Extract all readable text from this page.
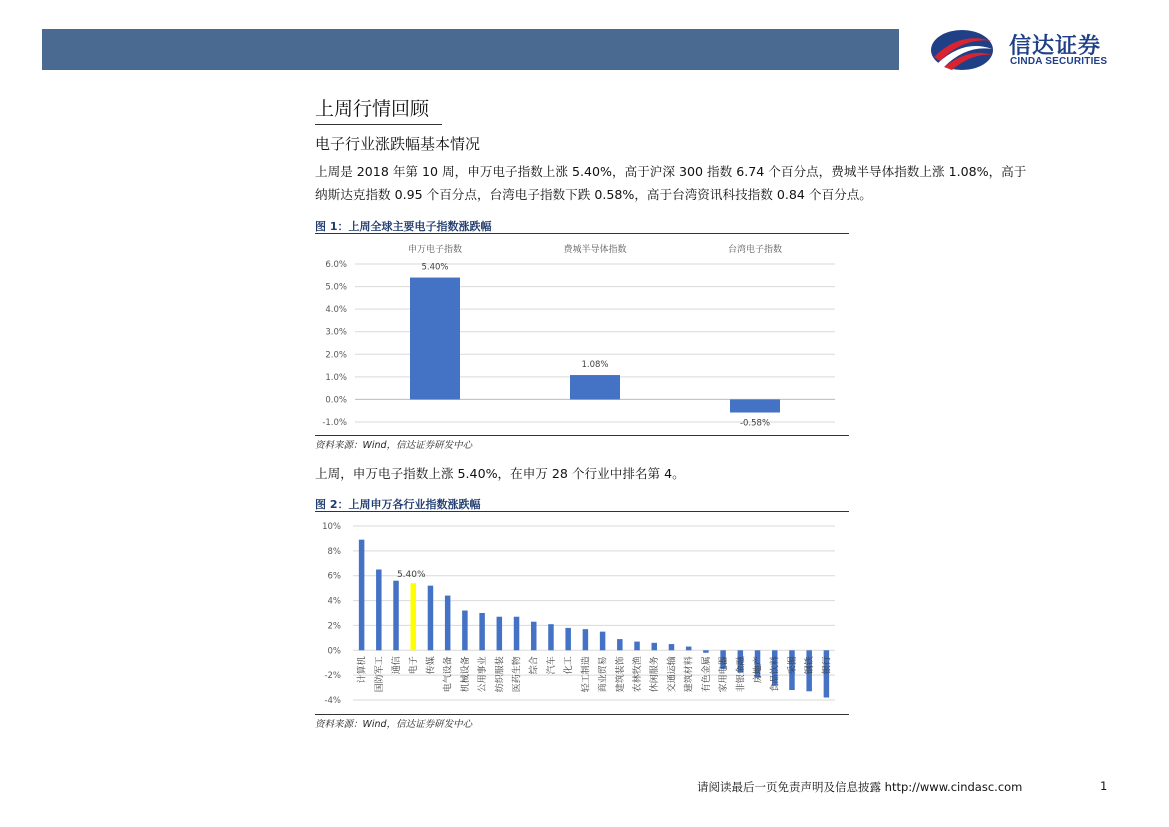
信达证券
CINDA SECURITIES
上周行情回顾
电子行业涨跌幅基本情况
上周是 2018 年第 10 周，申万电子指数上涨 5.40%，高于沪深 300 指数 6.74 个百分点，费城半导体指数上涨 1.08%，高于
纳斯达克指数 0.95 个百分点，台湾电子指数下跌 0.58%，高于台湾资讯科技指数 0.84 个百分点。
图 1：上周全球主要电子指数涨跌幅
-1.0%
0.0%
1.0%
2.0%
3.0%
4.0%
5.0%
6.0%
申万电子指数
5.40%
费城半导体指数
1.08%
台湾电子指数
-0.58%
资料来源：Wind，信达证券研发中心
上周，申万电子指数上涨 5.40%，在申万 28 个行业中排名第 4。
图 2：上周申万各行业指数涨跌幅
-4%
-2%
0%
2%
4%
6%
8%
10%
计算机 国防军工 通信
5.40%
电子 传媒 电气设备 机械设备 公用事业 纺织服装 医药生物 综合 汽车 化工 轻工制造 商业贸易 建筑装饰 农林牧渔 休闲服务 交通运输 建筑材料 有色金属 家用电器 非银金融 房地产 食品饮料 采掘 钢铁 银行
资料来源：Wind，信达证券研发中心
请阅读最后一页免责声明及信息披露 http://www.cindasc.com	1
